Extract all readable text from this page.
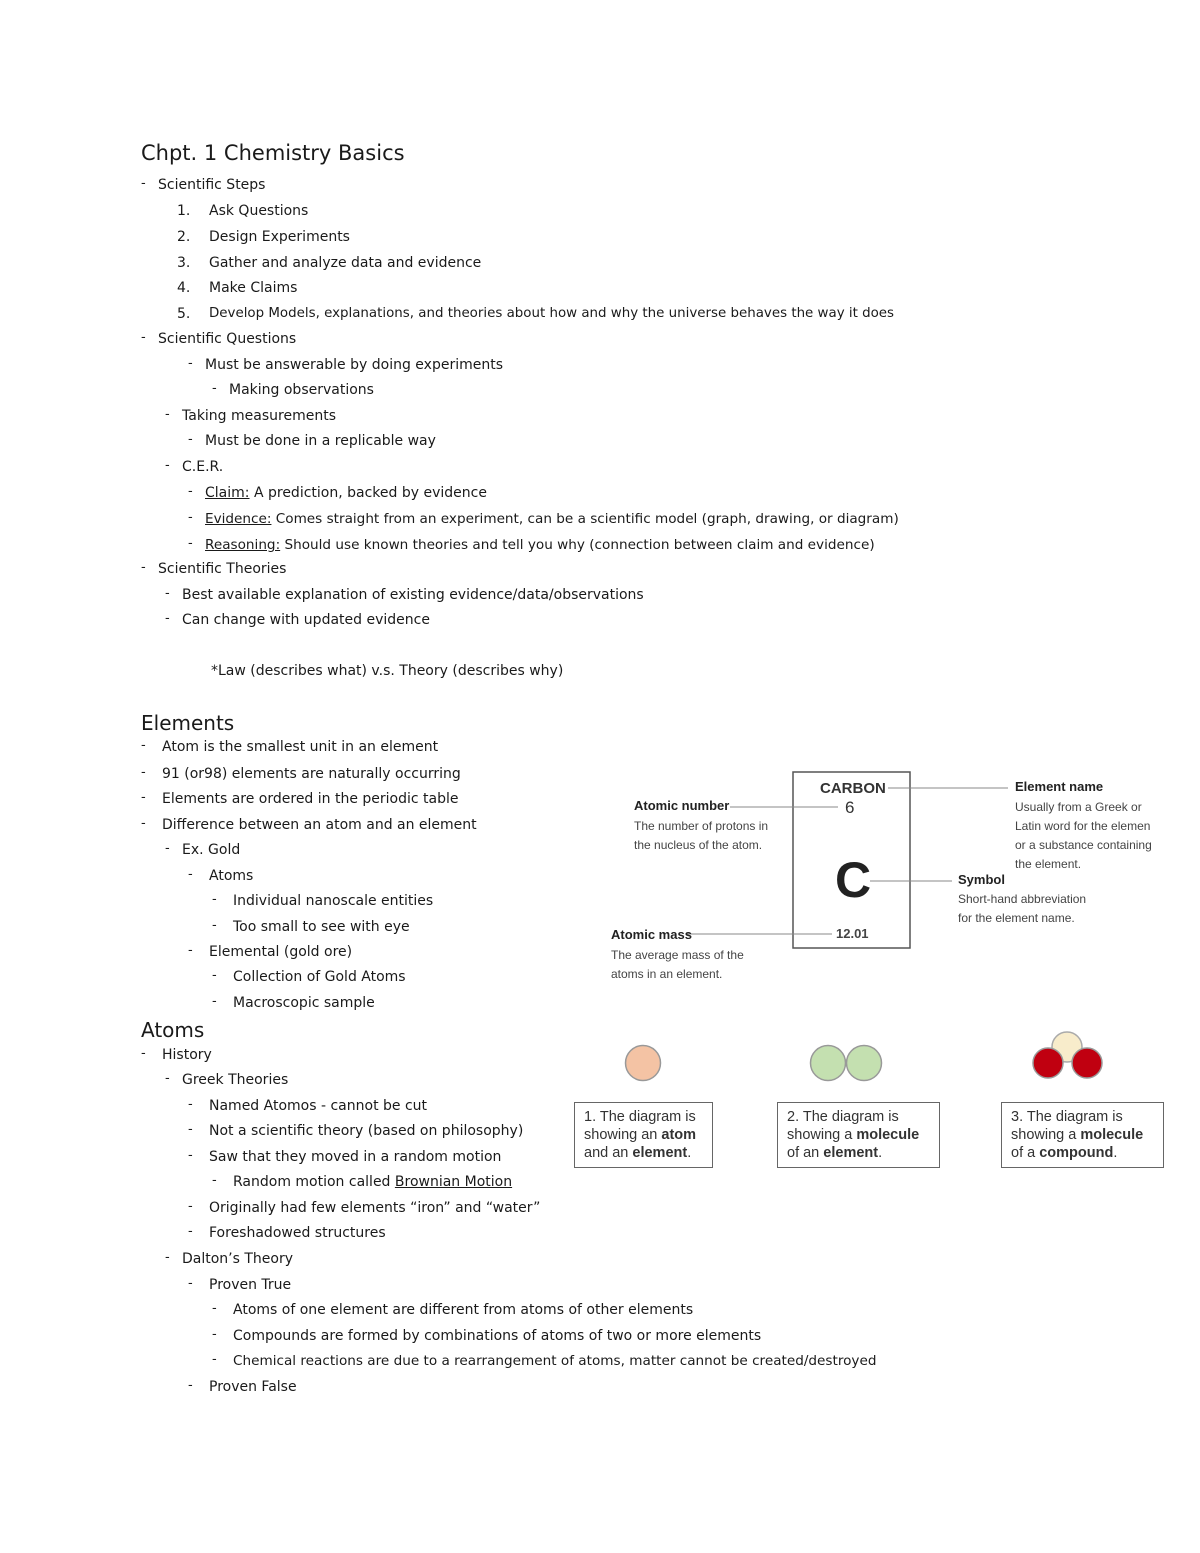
Chpt. 1 Chemistry Basics
- Scientific Steps
1. Ask Questions
2. Design Experiments
3. Gather and analyze data and evidence
4. Make Claims
5. Develop Models, explanations, and theories about how and why the universe behaves the way it does
- Scientific Questions
- Must be answerable by doing experiments
- Making observations
- Taking measurements
- Must be done in a replicable way
- C.E.R.
- Claim: A prediction, backed by evidence
- Evidence: Comes straight from an experiment, can be a scientific model (graph, drawing, or diagram)
- Reasoning: Should use known theories and tell you why (connection between claim and evidence)
- Scientific Theories
- Best available explanation of existing evidence/data/observations
- Can change with updated evidence
*Law (describes what) v.s. Theory (describes why)
Elements
- Atom is the smallest unit in an element
- 91 (or98) elements are naturally occurring
- Elements are ordered in the periodic table
- Difference between an atom and an element
- Ex. Gold
- Atoms
- Individual nanoscale entities
- Too small to see with eye
- Elemental (gold ore)
- Collection of Gold Atoms
- Macroscopic sample
Atoms
- History
- Greek Theories
- Named Atomos - cannot be cut
- Not a scientific theory (based on philosophy)
- Saw that they moved in a random motion
- Random motion called Brownian Motion
- Originally had few elements “iron” and “water”
- Foreshadowed structures
- Dalton’s Theory
- Proven True
- Atoms of one element are different from atoms of other elements
- Compounds are formed by combinations of atoms of two or more elements
- Chemical reactions are due to a rearrangement of atoms, matter cannot be created/destroyed
- Proven False
CARBON
6
C
12.01
Atomic number
The number of protons in
the nucleus of the atom.
Atomic mass
The average mass of the
atoms in an element.
Element name
Usually from a Greek or
Latin word for the elemen
or a substance containing
the element.
Symbol
Short-hand abbreviation
for the element name.
1. The diagram is showing an atom and an element.
2. The diagram is showing a molecule of an element.
3. The diagram is showing a molecule of a compound.
